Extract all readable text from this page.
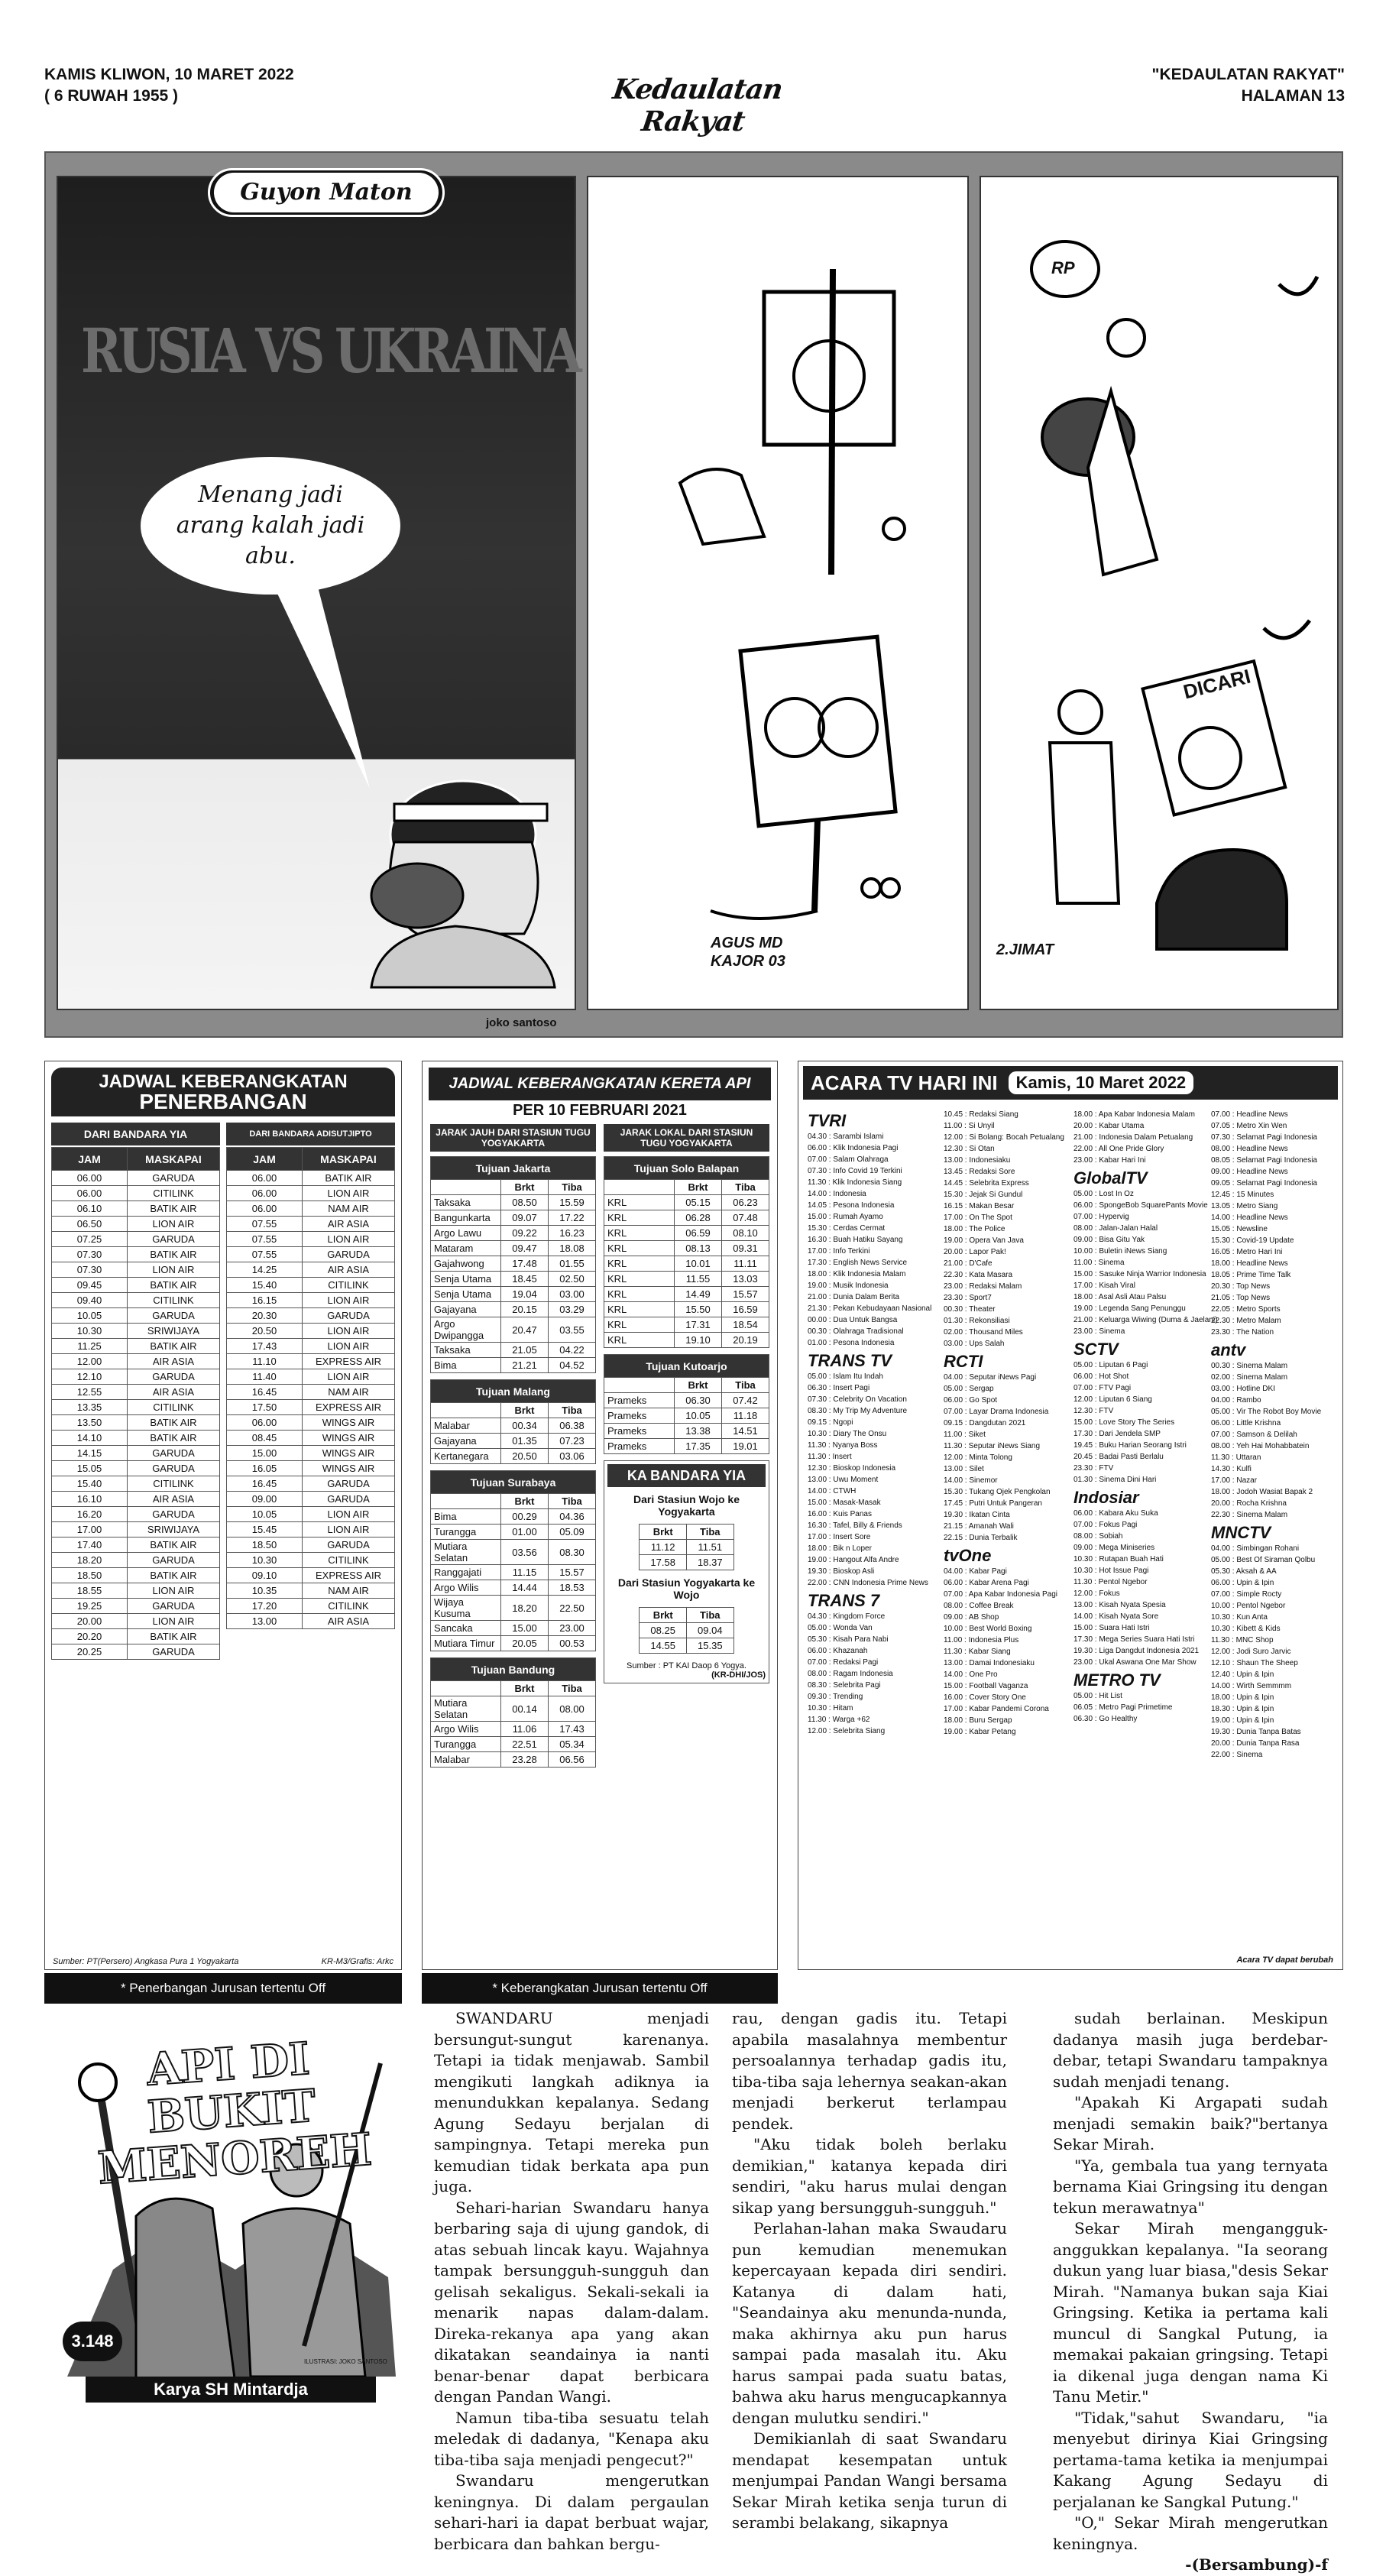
KAMIS KLIWON, 10 MARET 2022
( 6 RUWAH 1955 )	Kedaulatan Rakyat
"KEDAULATAN RAKYAT"
HALAMAN 13
Guyon Maton
RUSIA VS UKRAINA
Menang jadi arang kalah jadi abu.
joko santoso
AGUS MD KAJOR 03
RP
DICARI
2.JIMAT
JADWAL KEBERANGKATAN
PENERBANGAN
DARI BANDARA YIA
JAM	MASKAPAI
06.00	GARUDA
06.00	CITILINK
06.10	BATIK AIR
06.50	LION AIR
07.25	GARUDA
07.30	BATIK AIR
07.30	LION AIR
09.45	BATIK AIR
09.40	CITILINK
10.05	GARUDA
10.30	SRIWIJAYA
11.25	BATIK AIR
12.00	AIR ASIA
12.10	GARUDA
12.55	AIR ASIA
13.35	CITILINK
13.50	BATIK AIR
14.10	BATIK AIR
14.15	GARUDA
15.05	GARUDA
15.40	CITILINK
16.10	AIR ASIA
16.20	GARUDA
17.00	SRIWIJAYA
17.40	BATIK AIR
18.20	GARUDA
18.50	BATIK AIR
18.55	LION AIR
19.25	GARUDA
20.00	LION AIR
20.20	BATIK AIR
20.25	GARUDA
DARI BANDARA ADISUTJIPTO
JAM	MASKAPAI
06.00	BATIK AIR
06.00	LION AIR
06.00	NAM AIR
07.55	AIR ASIA
07.55	LION AIR
07.55	GARUDA
14.25	AIR ASIA
15.40	CITILINK
16.15	LION AIR
20.30	GARUDA
20.50	LION AIR
17.43	LION AIR
11.10	EXPRESS AIR
11.40	LION AIR
16.45	NAM AIR
17.50	EXPRESS AIR
06.00	WINGS AIR
08.45	WINGS AIR
15.00	WINGS AIR
16.05	WINGS AIR
16.45	GARUDA
09.00	GARUDA
10.05	LION AIR
15.45	LION AIR
18.50	GARUDA
10.30	CITILINK
09.10	EXPRESS AIR
10.35	NAM AIR
17.20	CITILINK
13.00	AIR ASIA
Sumber: PT(Persero) Angkasa Pura 1 Yogyakarta	KR-M3/Grafis: Arkc
* Penerbangan Jurusan tertentu Off
JADWAL KEBERANGKATAN KERETA API
PER 10 FEBRUARI 2021
JARAK JAUH DARI STASIUN TUGU YOGYAKARTA
Tujuan Jakarta		
	Brkt	Tiba
Taksaka	08.50	15.59
Bangunkarta	09.07	17.22
Argo Lawu	09.22	16.23
Mataram	09.47	18.08
Gajahwong	17.48	01.55
Senja Utama	18.45	02.50
Senja Utama	19.04	03.00
Gajayana	20.15	03.29
Argo Dwipangga	20.47	03.55
Taksaka	21.05	04.22
Bima	21.21	04.52
Tujuan Malang		
	Brkt	Tiba
Malabar	00.34	06.38
Gajayana	01.35	07.23
Kertanegara	20.50	03.06
Tujuan Surabaya		
	Brkt	Tiba
Bima	00.29	04.36
Turangga	01.00	05.09
Mutiara Selatan	03.56	08.30
Ranggajati	11.15	15.57
Argo Wilis	14.44	18.53
Wijaya Kusuma	18.20	22.50
Sancaka	15.00	23.00
Mutiara Timur	20.05	00.53
Tujuan Bandung		
	Brkt	Tiba
Mutiara Selatan	00.14	08.00
Argo Wilis	11.06	17.43
Turangga	22.51	05.34
Malabar	23.28	06.56
JARAK LOKAL DARI STASIUN TUGU YOGYAKARTA
Tujuan Solo Balapan		
	Brkt	Tiba
KRL	05.15	06.23
KRL	06.28	07.48
KRL	06.59	08.10
KRL	08.13	09.31
KRL	10.01	11.11
KRL	11.55	13.03
KRL	14.49	15.57
KRL	15.50	16.59
KRL	17.31	18.54
KRL	19.10	20.19
Tujuan Kutoarjo		
	Brkt	Tiba
Prameks	06.30	07.42
Prameks	10.05	11.18
Prameks	13.38	14.51
Prameks	17.35	19.01
KA BANDARA YIA
Dari Stasiun Wojo ke Yogyakarta
Brkt	Tiba
11.12	11.51
17.58	18.37
Dari Stasiun Yogyakarta ke Wojo
Brkt	Tiba
08.25	09.04
14.55	15.35
Sumber : PT KAI Daop 6 Yogya.
(KR-DHI/JOS)
* Keberangkatan Jurusan tertentu Off
ACARA TV HARI INI	Kamis, 10 Maret 2022
TVRI
04.30 : Sarambi Islami
06.00 : Klik Indonesia Pagi
07.00 : Salam Olahraga
07.30 : Info Covid 19 Terkini
11.30 : Klik Indonesia Siang
14.00 : Indonesia
14.05 : Pesona Indonesia
15.00 : Rumah Ayamo
15.30 : Cerdas Cermat
16.30 : Buah Hatiku Sayang
17.00 : Info Terkini
17.30 : English News Service
18.00 : Klik Indonesia Malam
19.00 : Musik Indonesia
21.00 : Dunia Dalam Berita
21.30 : Pekan Kebudayaan Nasional
00.00 : Dua Untuk Bangsa
00.30 : Olahraga Tradisional
01.00 : Pesona Indonesia
TRANS TV
05.00 : Islam Itu Indah
06.30 : Insert Pagi
07.30 : Celebrity On Vacation
08.30 : My Trip My Adventure
09.15 : Ngopi
10.30 : Diary The Onsu
11.30 : Nyanya Boss
11.30 : Insert
12.30 : Bioskop Indonesia
13.00 : Uwu Moment
14.00 : CTWH
15.00 : Masak-Masak
16.00 : Kuis Panas
16.30 : Tafel, Billy & Friends
17.00 : Insert Sore
18.00 : Bik n Loper
19.00 : Hangout Alfa Andre
19.30 : Bioskop Asli
22.00 : CNN Indonesia Prime News
TRANS 7
04.30 : Kingdom Force
05.00 : Wonda Van
05.30 : Kisah Para Nabi
06.00 : Khazanah
07.00 : Redaksi Pagi
08.00 : Ragam Indonesia
08.30 : Selebrita Pagi
09.30 : Trending
10.30 : Hitam
11.30 : Warga +62
12.00 : Selebrita Siang
10.45 : Redaksi Siang
11.00 : Si Unyil
12.00 : Si Bolang: Bocah Petualang
12.30 : Si Otan
13.00 : Indonesiaku
13.45 : Redaksi Sore
14.45 : Selebrita Express
15.30 : Jejak Si Gundul
16.15 : Makan Besar
17.00 : On The Spot
18.00 : The Police
19.00 : Opera Van Java
20.00 : Lapor Pak!
21.00 : D'Cafe
22.30 : Kata Masara
23.00 : Redaksi Malam
23.30 : Sport7
00.30 : Theater
01.30 : Rekonsiliasi
02.00 : Thousand Miles
03.00 : Ups Salah
RCTI
04.00 : Seputar iNews Pagi
05.00 : Sergap
06.00 : Go Spot
07.00 : Layar Drama Indonesia
09.15 : Dangdutan 2021
11.00 : Siket
11.30 : Seputar iNews Siang
12.00 : Minta Tolong
13.00 : Silet
14.00 : Sinemor
15.30 : Tukang Ojek Pengkolan
17.45 : Putri Untuk Pangeran
19.30 : Ikatan Cinta
21.15 : Amanah Wali
22.15 : Dunia Terbalik
tvOne
04.00 : Kabar Pagi
06.00 : Kabar Arena Pagi
07.00 : Apa Kabar Indonesia Pagi
08.00 : Coffee Break
09.00 : AB Shop
10.00 : Best World Boxing
11.00 : Indonesia Plus
11.30 : Kabar Siang
13.00 : Damai Indonesiaku
14.00 : One Pro
15.00 : Football Vaganza
16.00 : Cover Story One
17.00 : Kabar Pandemi Corona
18.00 : Buru Sergap
19.00 : Kabar Petang
18.00 : Apa Kabar Indonesia Malam
20.00 : Kabar Utama
21.00 : Indonesia Dalam Petualang
22.00 : All One Pride Glory
23.00 : Kabar Hari Ini
GlobalTV
05.00 : Lost In Oz
06.00 : SpongeBob SquarePants Movie
07.00 : Hypervig
08.00 : Jalan-Jalan Halal
09.00 : Bisa Gitu Yak
10.00 : Buletin iNews Siang
11.00 : Sinema
15.00 : Sasuke Ninja Warrior Indonesia
17.00 : Kisah Viral
18.00 : Asal Asli Atau Palsu
19.00 : Legenda Sang Penunggu
21.00 : Keluarga Wiwing (Duma & Jaelani)
23.00 : Sinema
SCTV
05.00 : Liputan 6 Pagi
06.00 : Hot Shot
07.00 : FTV Pagi
12.00 : Liputan 6 Siang
12.30 : FTV
15.00 : Love Story The Series
17.30 : Dari Jendela SMP
19.45 : Buku Harian Seorang Istri
20.45 : Badai Pasti Berlalu
23.30 : FTV
01.30 : Sinema Dini Hari
Indosiar
06.00 : Kabara Aku Suka
07.00 : Fokus Pagi
08.00 : Sobiah
09.00 : Mega Miniseries
10.30 : Rutapan Buah Hati
10.30 : Hot Issue Pagi
11.30 : Pentol Ngebor
12.00 : Fokus
13.00 : Kisah Nyata Spesia
14.00 : Kisah Nyata Sore
15.00 : Suara Hati Istri
17.30 : Mega Series Suara Hati Istri
19.30 : Liga Dangdut Indonesia 2021
23.00 : Ukal Aswana One Mar Show
METRO TV
05.00 : Hit List
06.05 : Metro Pagi Primetime
06.30 : Go Healthy
07.00 : Headline News
07.05 : Metro Xin Wen
07.30 : Selamat Pagi Indonesia
08.00 : Headline News
08.05 : Selamat Pagi Indonesia
09.00 : Headline News
09.05 : Selamat Pagi Indonesia
12.45 : 15 Minutes
13.05 : Metro Siang
14.00 : Headline News
15.05 : Newsline
15.30 : Covid-19 Update
16.05 : Metro Hari Ini
18.00 : Headline News
18.05 : Prime Time Talk
20.30 : Top News
21.05 : Top News
22.05 : Metro Sports
22.30 : Metro Malam
23.30 : The Nation
antv
00.30 : Sinema Malam
02.00 : Sinema Malam
03.00 : Hotline DKI
04.00 : Rambo
05.00 : Vir The Robot Boy Movie
06.00 : Little Krishna
07.00 : Samson & Delilah
08.00 : Yeh Hai Mohabbatein
11.30 : Uttaran
14.30 : Kulfi
17.00 : Nazar
18.00 : Jodoh Wasiat Bapak 2
20.00 : Rocha Krishna
22.30 : Sinema Malam
MNCTV
04.00 : Simbingan Rohani
05.00 : Best Of Siraman Qolbu
05.30 : Aksah & AA
06.00 : Upin & Ipin
07.00 : Simple Rocty
10.00 : Pentol Ngebor
10.30 : Kun Anta
10.30 : Kibett & Kids
11.30 : MNC Shop
12.00 : Jodi Suro Jarvic
12.10 : Shaun The Sheep
12.40 : Upin & Ipin
14.00 : Wirth Semmmm
18.00 : Upin & Ipin
18.30 : Upin & Ipin
19.00 : Upin & Ipin
19.30 : Dunia Tanpa Batas
20.00 : Dunia Tanpa Rasa
22.00 : Sinema
Acara TV dapat berubah
API DI BUKIT MENOREH
3.148
ILUSTRASI: JOKO SANTOSO
Karya SH Mintardja

SWANDARU menjadi bersungut-sungut karenanya. Tetapi ia tidak menjawab. Sambil mengikuti langkah adiknya ia menundukkan kepalanya. Sedang Agung Sedayu berjalan di sampingnya. Tetapi mereka pun kemudian tidak berkata apa pun juga.

Sehari-harian Swandaru hanya berbaring saja di ujung gandok, di atas sebuah lincak kayu. Wajahnya tampak bersungguh-sungguh dan gelisah sekaligus. Sekali-sekali ia menarik napas dalam-dalam. Direka-rekanya apa yang akan dikatakan seandainya ia nanti benar-benar dapat berbicara dengan Pandan Wangi.

Namun tiba-tiba sesuatu telah meledak di dadanya, "Kenapa aku tiba-tiba saja menjadi pengecut?"

Swandaru mengerutkan keningnya. Di dalam pergaulan sehari-hari ia dapat berbuat wajar, berbicara dan bahkan bergu-

rau, dengan gadis itu. Tetapi apabila masalahnya membentur persoalannya terhadap gadis itu, tiba-tiba saja lehernya seakan-akan menjadi berkerut terlampau pendek.

"Aku tidak boleh berlaku demikian," katanya kepada diri sendiri, "aku harus mulai dengan sikap yang bersungguh-sungguh."

Perlahan-lahan maka Swaudaru pun kemudian menemukan kepercayaan kepada diri sendiri. Katanya di dalam hati, "Seandainya aku menunda-nunda, maka akhirnya aku pun harus sampai pada masalah itu. Aku harus sampai pada suatu batas, bahwa aku harus mengucapkannya dengan mulutku sendiri."

Demikianlah di saat Swandaru mendapat kesempatan untuk menjumpai Pandan Wangi bersama Sekar Mirah ketika senja turun di serambi belakang, sikapnya

sudah berlainan. Meskipun dadanya masih juga berdebar-debar, tetapi Swandaru tampaknya sudah menjadi tenang.

"Apakah Ki Argapati sudah menjadi semakin baik?"bertanya Sekar Mirah.

"Ya, gembala tua yang ternyata bernama Kiai Gringsing itu dengan tekun merawatnya"

Sekar Mirah mengangguk-anggukkan kepalanya. "Ia seorang dukun yang luar biasa,"desis Sekar Mirah. "Namanya bukan saja Kiai Gringsing. Ketika ia pertama kali muncul di Sangkal Putung, ia memakai pakaian gringsing. Tetapi ia dikenal juga dengan nama Ki Tanu Metir."

"Tidak,"sahut Swandaru, "ia menyebut dirinya Kiai Gringsing pertama-tama ketika ia menjumpai Kakang Agung Sedayu di perjalanan ke Sangkal Putung."

"O," Sekar Mirah mengerutkan keningnya.

-(Bersambung)-f
